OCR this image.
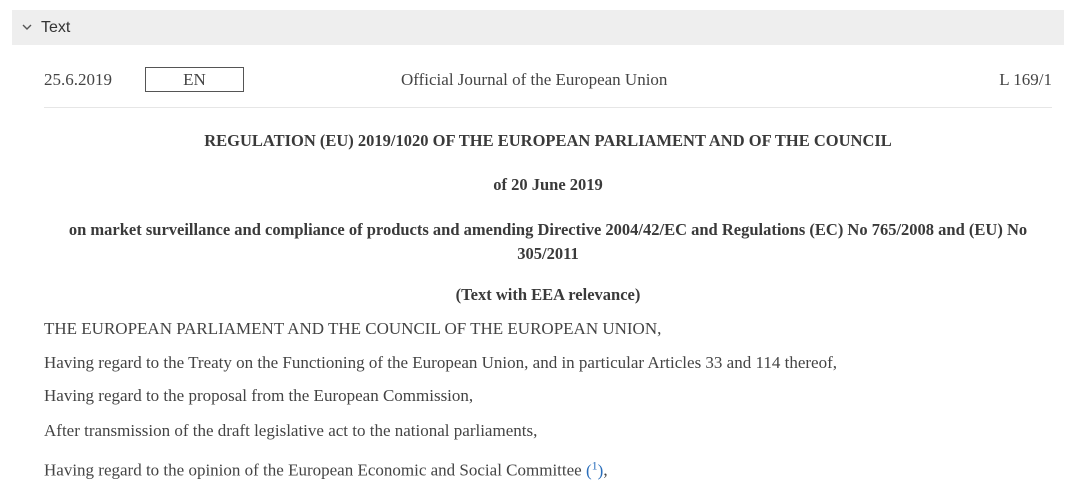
Text
25.6.2019	EN	Official Journal of the European Union	L 169/1
REGULATION (EU) 2019/1020 OF THE EUROPEAN PARLIAMENT AND OF THE COUNCIL
of 20 June 2019
on market surveillance and compliance of products and amending Directive 2004/42/EC and Regulations (EC) No 765/2008 and (EU) No 305/2011
(Text with EEA relevance)
THE EUROPEAN PARLIAMENT AND THE COUNCIL OF THE EUROPEAN UNION,
Having regard to the Treaty on the Functioning of the European Union, and in particular Articles 33 and 114 thereof,
Having regard to the proposal from the European Commission,
After transmission of the draft legislative act to the national parliaments,
Having regard to the opinion of the European Economic and Social Committee ($^1$),
